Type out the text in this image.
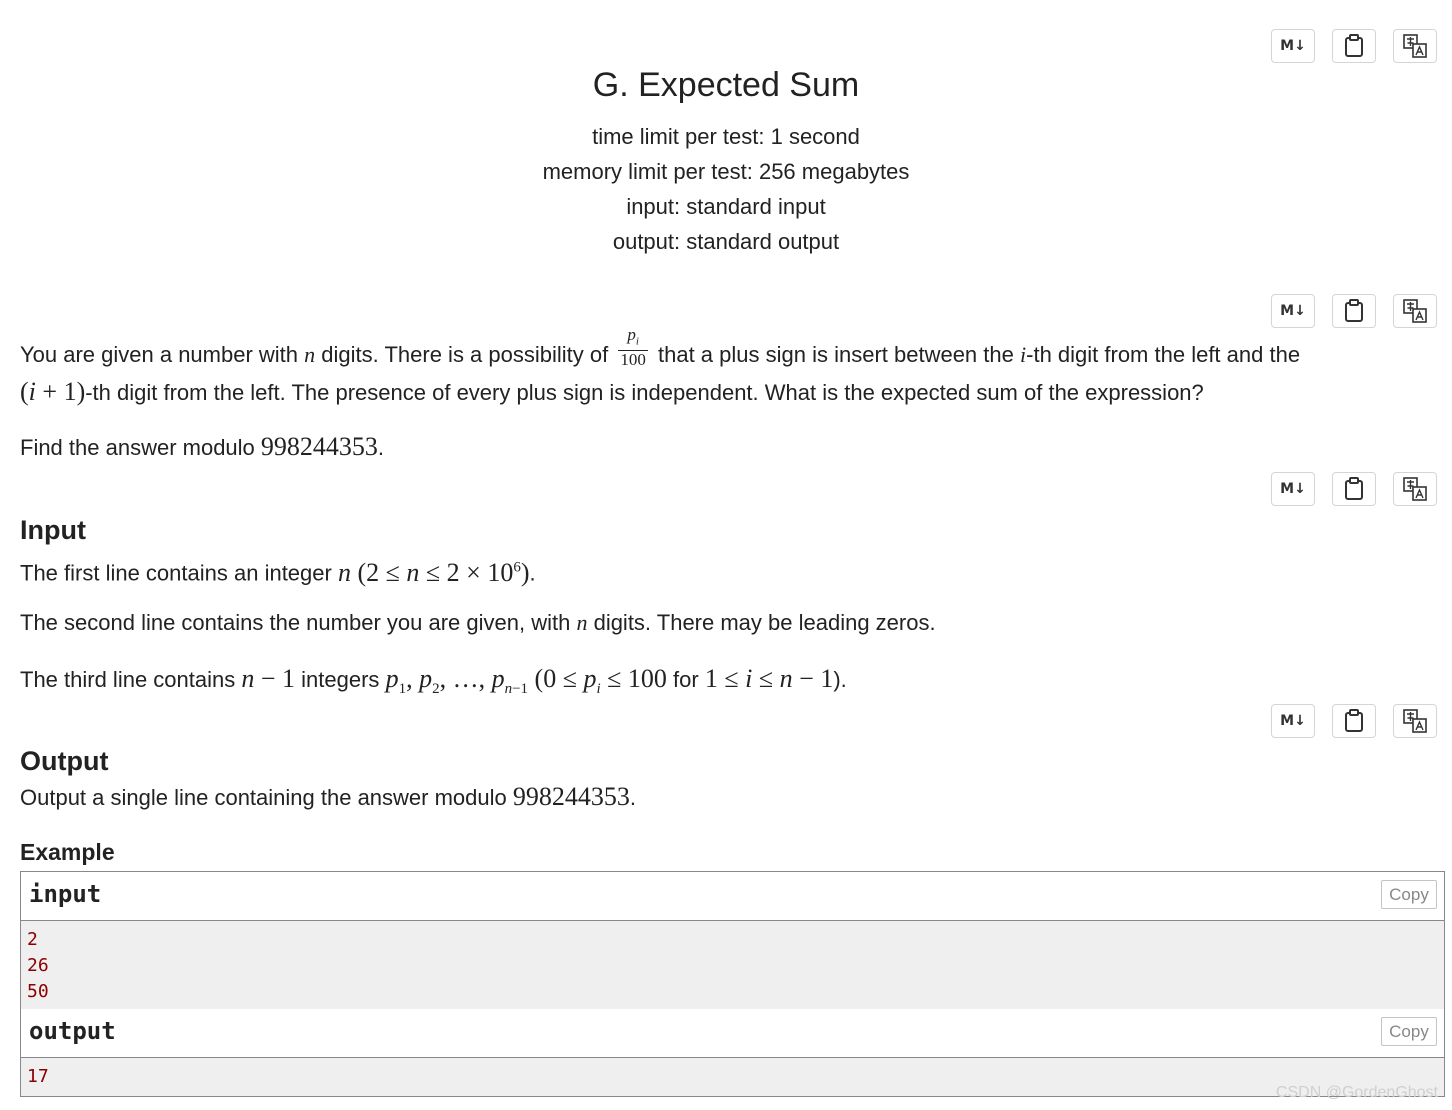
M↓
M↓
M↓
M↓
G. Expected Sum
time limit per test: 1 second
memory limit per test: 256 megabytes
input: standard input
output: standard output
You are given a number with n digits. There is a possibility of $\frac{p_i}{100}$ that a plus sign is insert between the i-th digit from the left and the
(i + 1)-th digit from the left. The presence of every plus sign is independent. What is the expected sum of the expression?
Find the answer modulo 998244353.
Input
The first line contains an integer n $(2 \le n \le 2 \times 10^6)$.
The second line contains the number you are given, with n digits. There may be leading zeros.
The third line contains n − 1 integers $p_1$, $p_2$, …, $p_{n-1}$ ($0 \le p_i \le 100$ for 1 ≤ i ≤ n − 1).
Output
Output a single line containing the answer modulo 998244353.
Example
input	Copy
2
26
50
output	Copy
17
CSDN @GordenGhost
